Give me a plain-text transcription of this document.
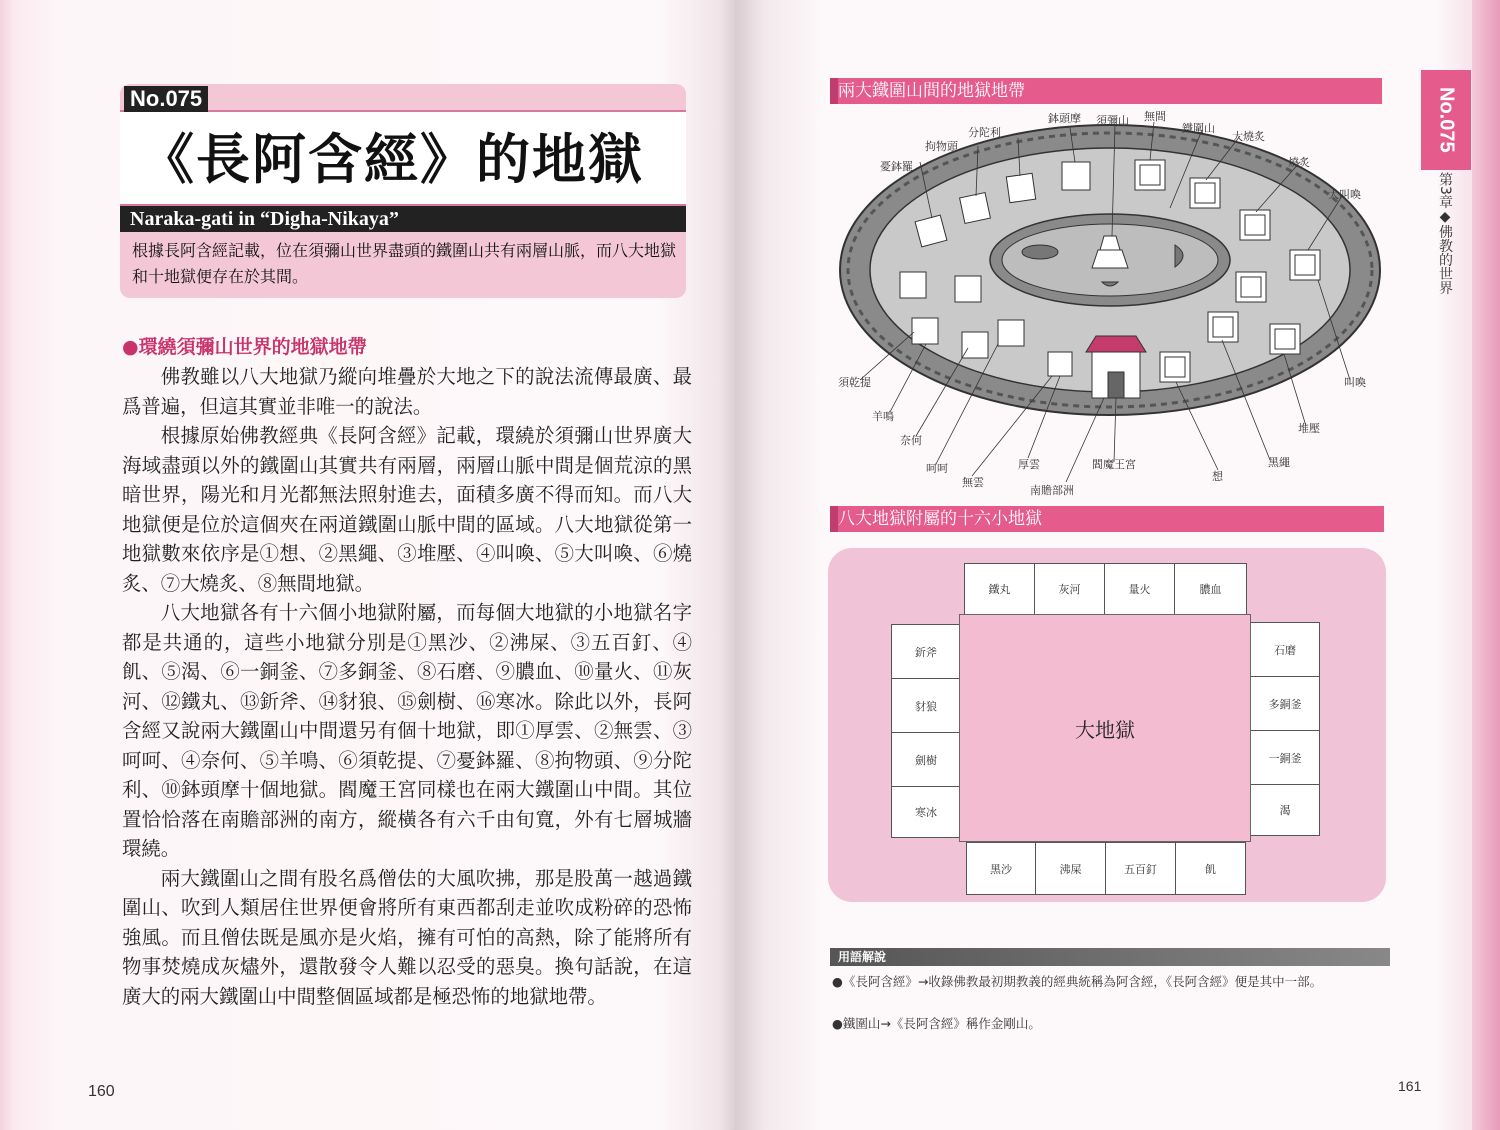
No.075
《長阿含經》的地獄
Naraka-gati in “Digha-Nikaya”
根據長阿含經記載，位在須彌山世界盡頭的鐵圍山共有兩層山脈，而八大地獄和十地獄便存在於其間。
●環繞須彌山世界的地獄地帶

佛教雖以八大地獄乃縱向堆疊於大地之下的說法流傳最廣、最爲普遍，但這其實並非唯一的說法。

根據原始佛教經典《長阿含經》記載，環繞於須彌山世界廣大海域盡頭以外的鐵圍山其實共有兩層，兩層山脈中間是個荒涼的黑暗世界，陽光和月光都無法照射進去，面積多廣不得而知。而八大地獄便是位於這個夾在兩道鐵圍山脈中間的區域。八大地獄從第一地獄數來依序是①想、②黑繩、③堆壓、④叫喚、⑤大叫喚、⑥燒炙、⑦大燒炙、⑧無間地獄。

八大地獄各有十六個小地獄附屬，而每個大地獄的小地獄名字都是共通的，這些小地獄分別是①黑沙、②沸屎、③五百釘、④飢、⑤渴、⑥一銅釜、⑦多銅釜、⑧石磨、⑨膿血、⑩量火、⑪灰河、⑫鐵丸、⑬釿斧、⑭豺狼、⑮劍樹、⑯寒冰。除此以外，長阿含經又說兩大鐵圍山中間還另有個十地獄，即①厚雲、②無雲、③呵呵、④奈何、⑤羊鳴、⑥須乾提、⑦憂鉢羅、⑧拘物頭、⑨分陀利、⑩鉢頭摩十個地獄。閻魔王宮同樣也在兩大鐵圍山中間。其位置恰恰落在南贍部洲的南方，縱橫各有六千由旬寬，外有七層城牆環繞。

兩大鐵圍山之間有股名爲僧佉的大風吹拂，那是股萬一越過鐵圍山、吹到人類居住世界便會將所有東西都刮走並吹成粉碎的恐怖強風。而且僧佉既是風亦是火焰，擁有可怕的高熱，除了能將所有物事焚燒成灰燼外，還散發令人難以忍受的惡臭。換句話說，在這廣大的兩大鐵圍山中間整個區域都是極恐怖的地獄地帶。

160
No.075
第3章◆佛教的世界
兩大鐵圍山間的地獄地帶
鉢頭摩 須彌山 無間
鐵圍山
分陀利
拘物頭
大燒炙
燒炙
憂鉢羅
大叫喚
須乾提	叫喚
羊鳴
奈何
堆壓
呵呵	厚雲	閻魔王宮	黑繩
無雲
南贍部洲
想
八大地獄附屬的十六小地獄
鐵丸	灰河	量火	膿血
釿斧
豺狼
劍樹
寒冰
石磨
多銅釜
一銅釜
渴
黑沙	沸屎	五百釘	飢
大地獄
用語解說
●《長阿含經》→收錄佛教最初期教義的經典統稱為阿含經，《長阿含經》便是其中一部。
●鐵圍山→《長阿含經》稱作金剛山。
161
